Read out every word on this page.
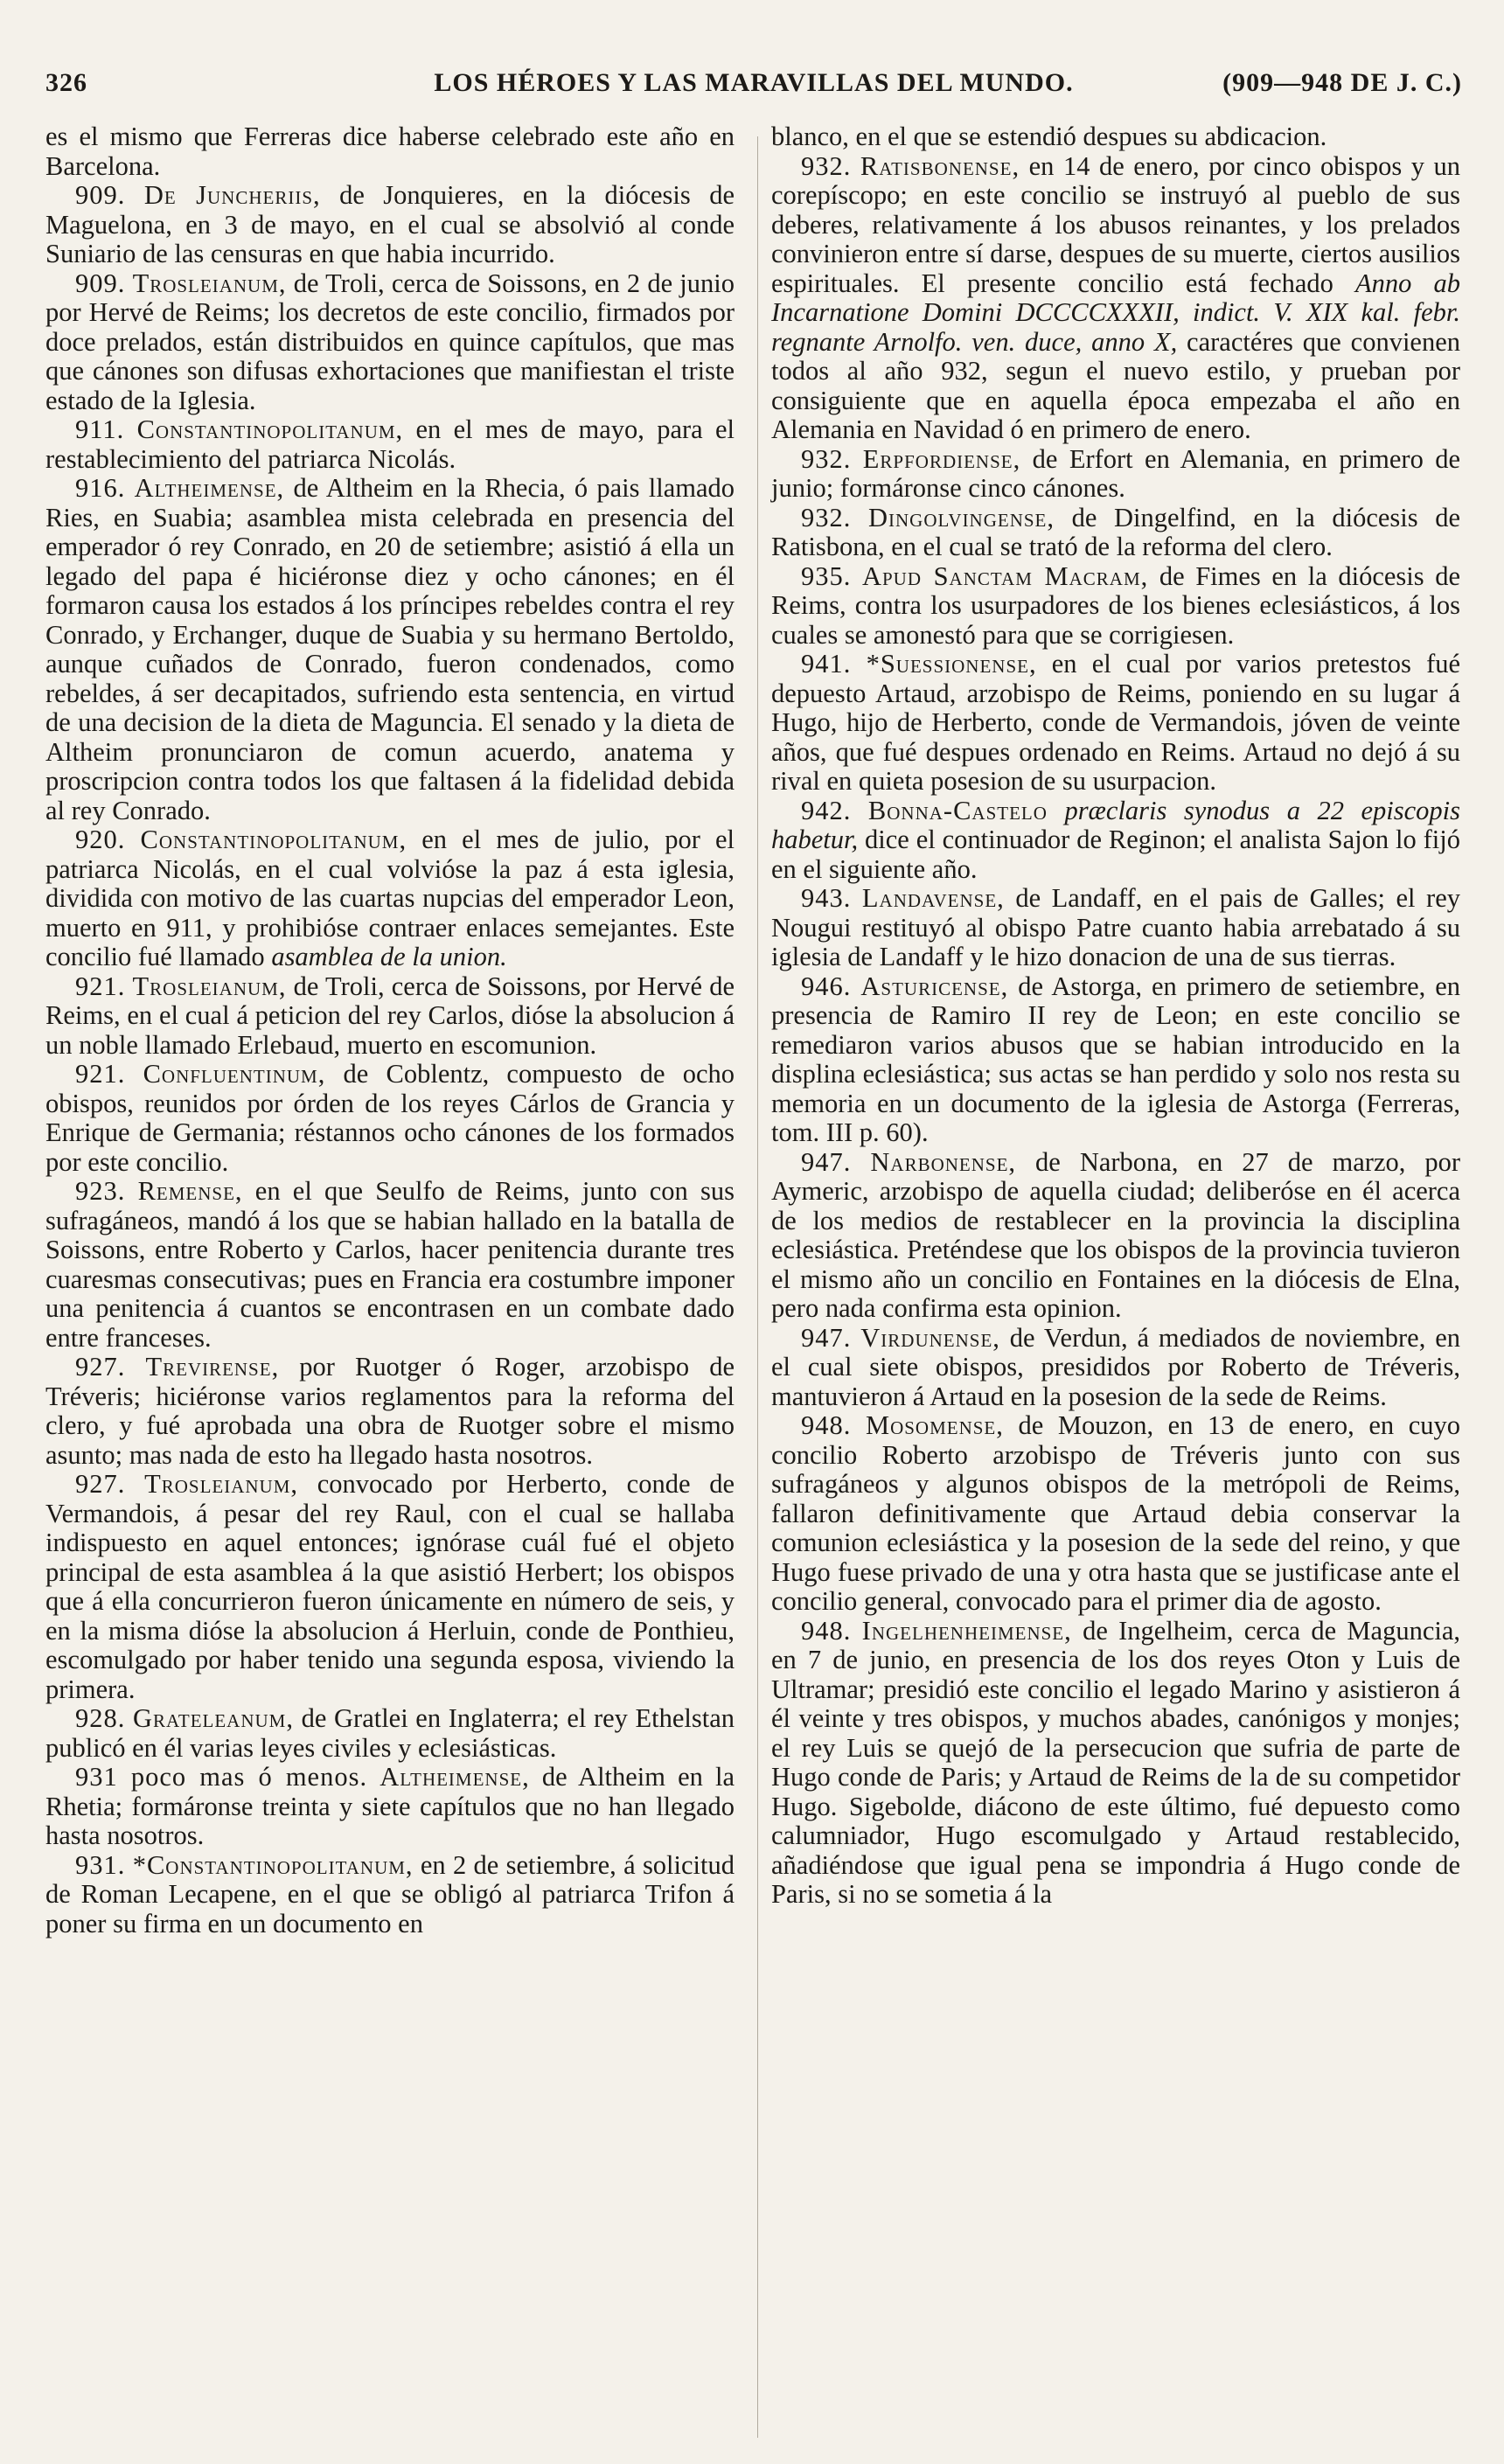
326	LOS HÉROES Y LAS MARAVILLAS DEL MUNDO.	(909—948 DE J. C.)

es el mismo que Ferreras dice haberse celebrado este año en Barcelona.

909. De Juncheriis, de Jonquieres, en la diócesis de Maguelona, en 3 de mayo, en el cual se absolvió al conde Suniario de las censuras en que habia incurrido.

909. Trosleianum, de Troli, cerca de Soissons, en 2 de junio por Hervé de Reims; los decretos de este concilio, firmados por doce prelados, están distribuidos en quince capítulos, que mas que cánones son difusas exhortaciones que manifiestan el triste estado de la Iglesia.

911. Constantinopolitanum, en el mes de mayo, para el restablecimiento del patriarca Nicolás.

916. Altheimense, de Altheim en la Rhecia, ó pais llamado Ries, en Suabia; asamblea mista celebrada en presencia del emperador ó rey Conrado, en 20 de setiembre; asistió á ella un legado del papa é hiciéronse diez y ocho cánones; en él formaron causa los estados á los príncipes rebeldes contra el rey Conrado, y Erchanger, duque de Suabia y su hermano Bertoldo, aunque cuñados de Conrado, fueron condenados, como rebeldes, á ser decapitados, sufriendo esta sentencia, en virtud de una decision de la dieta de Maguncia. El senado y la dieta de Altheim pronunciaron de comun acuerdo, anatema y proscripcion contra todos los que faltasen á la fidelidad debida al rey Conrado.

920. Constantinopolitanum, en el mes de julio, por el patriarca Nicolás, en el cual volvióse la paz á esta iglesia, dividida con motivo de las cuartas nupcias del emperador Leon, muerto en 911, y prohibióse contraer enlaces semejantes. Este concilio fué llamado asamblea de la union.

921. Trosleianum, de Troli, cerca de Soissons, por Hervé de Reims, en el cual á peticion del rey Carlos, dióse la absolucion á un noble llamado Erlebaud, muerto en escomunion.

921. Confluentinum, de Coblentz, compuesto de ocho obispos, reunidos por órden de los reyes Cárlos de Grancia y Enrique de Germania; réstannos ocho cánones de los formados por este concilio.

923. Remense, en el que Seulfo de Reims, junto con sus sufragáneos, mandó á los que se habian hallado en la batalla de Soissons, entre Roberto y Carlos, hacer penitencia durante tres cuaresmas consecutivas; pues en Francia era costumbre imponer una penitencia á cuantos se encontrasen en un combate dado entre franceses.

927. Trevirense, por Ruotger ó Roger, arzobispo de Tréveris; hiciéronse varios reglamentos para la reforma del clero, y fué aprobada una obra de Ruotger sobre el mismo asunto; mas nada de esto ha llegado hasta nosotros.

927. Trosleianum, convocado por Herberto, conde de Vermandois, á pesar del rey Raul, con el cual se hallaba indispuesto en aquel entonces; ignórase cuál fué el objeto principal de esta asamblea á la que asistió Herbert; los obispos que á ella concurrieron fueron únicamente en número de seis, y en la misma dióse la absolucion á Herluin, conde de Ponthieu, escomulgado por haber tenido una segunda esposa, viviendo la primera.

928. Grateleanum, de Gratlei en Inglaterra; el rey Ethelstan publicó en él varias leyes civiles y eclesiásticas.

931 poco mas ó menos. Altheimense, de Altheim en la Rhetia; formáronse treinta y siete capítulos que no han llegado hasta nosotros.

931. *Constantinopolitanum, en 2 de setiembre, á solicitud de Roman Lecapene, en el que se obligó al patriarca Trifon á poner su firma en un documento en

blanco, en el que se estendió despues su abdicacion.

932. Ratisbonense, en 14 de enero, por cinco obispos y un corepíscopo; en este concilio se instruyó al pueblo de sus deberes, relativamente á los abusos reinantes, y los prelados convinieron entre sí darse, despues de su muerte, ciertos ausilios espirituales. El presente concilio está fechado Anno ab Incarnatione Domini DCCCCXXXII, indict. V. XIX kal. febr. regnante Arnolfo. ven. duce, anno X, caractéres que convienen todos al año 932, segun el nuevo estilo, y prueban por consiguiente que en aquella época empezaba el año en Alemania en Navidad ó en primero de enero.

932. Erpfordiense, de Erfort en Alemania, en primero de junio; formáronse cinco cánones.

932. Dingolvingense, de Dingelfind, en la diócesis de Ratisbona, en el cual se trató de la reforma del clero.

935. Apud Sanctam Macram, de Fimes en la diócesis de Reims, contra los usurpadores de los bienes eclesiásticos, á los cuales se amonestó para que se corrigiesen.

941. *Suessionense, en el cual por varios pretestos fué depuesto Artaud, arzobispo de Reims, poniendo en su lugar á Hugo, hijo de Herberto, conde de Vermandois, jóven de veinte años, que fué despues ordenado en Reims. Artaud no dejó á su rival en quieta posesion de su usurpacion.

942. Bonna-Castelo præclaris synodus a 22 episcopis habetur, dice el continuador de Reginon; el analista Sajon lo fijó en el siguiente año.

943. Landavense, de Landaff, en el pais de Galles; el rey Nougui restituyó al obispo Patre cuanto habia arrebatado á su iglesia de Landaff y le hizo donacion de una de sus tierras.

946. Asturicense, de Astorga, en primero de setiembre, en presencia de Ramiro II rey de Leon; en este concilio se remediaron varios abusos que se habian introducido en la displina eclesiástica; sus actas se han perdido y solo nos resta su memoria en un documento de la iglesia de Astorga (Ferreras, tom. III p. 60).

947. Narbonense, de Narbona, en 27 de marzo, por Aymeric, arzobispo de aquella ciudad; deliberóse en él acerca de los medios de restablecer en la provincia la disciplina eclesiástica. Preténdese que los obispos de la provincia tuvieron el mismo año un concilio en Fontaines en la diócesis de Elna, pero nada confirma esta opinion.

947. Virdunense, de Verdun, á mediados de noviembre, en el cual siete obispos, presididos por Roberto de Tréveris, mantuvieron á Artaud en la posesion de la sede de Reims.

948. Mosomense, de Mouzon, en 13 de enero, en cuyo concilio Roberto arzobispo de Tréveris junto con sus sufragáneos y algunos obispos de la metrópoli de Reims, fallaron definitivamente que Artaud debia conservar la comunion eclesiástica y la posesion de la sede del reino, y que Hugo fuese privado de una y otra hasta que se justificase ante el concilio general, convocado para el primer dia de agosto.

948. Ingelhenheimense, de Ingelheim, cerca de Maguncia, en 7 de junio, en presencia de los dos reyes Oton y Luis de Ultramar; presidió este concilio el legado Marino y asistieron á él veinte y tres obispos, y muchos abades, canónigos y monjes; el rey Luis se quejó de la persecucion que sufria de parte de Hugo conde de Paris; y Artaud de Reims de la de su competidor Hugo. Sigebolde, diácono de este último, fué depuesto como calumniador, Hugo escomulgado y Artaud restablecido, añadiéndose que igual pena se impondria á Hugo conde de Paris, si no se sometia á la
